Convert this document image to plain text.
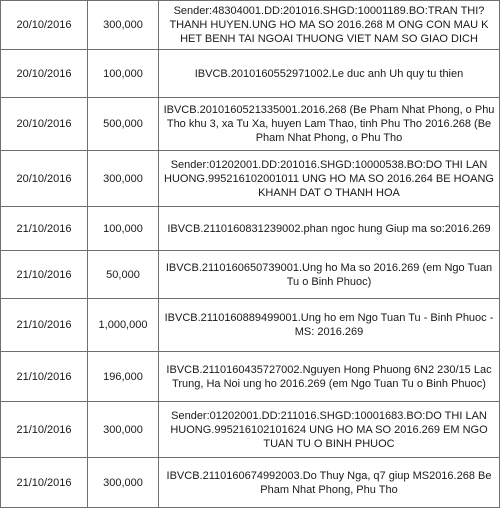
20/10/2016	300,000	Sender:48304001.DD:201016.SHGD:10001189.BO:TRAN THI? THANH HUYEN.UNG HO MA SO 2016.268 M ONG CON MAU K HET BENH TAI NGOAI THUONG VIET NAM SO GIAO DICH
20/10/2016	100,000	IBVCB.2010160552971002.Le duc anh Uh quy tu thien
20/10/2016	500,000	IBVCB.2010160521335001.2016.268 (Be Pham Nhat Phong, o Phu Tho khu 3, xa Tu Xa, huyen Lam Thao, tinh Phu Tho 2016.268 (Be Pham Nhat Phong, o Phu Tho
20/10/2016	300,000	Sender:01202001.DD:201016.SHGD:10000538.BO:DO THI LAN HUONG.995216102001011 UNG HO MA SO 2016.264 BE HOANG KHANH DAT O THANH HOA
21/10/2016	100,000	IBVCB.2110160831239002.phan ngoc hung Giup ma so:2016.269
21/10/2016	50,000	IBVCB.2110160650739001.Ung ho Ma so 2016.269 (em Ngo Tuan Tu o Binh Phuoc)
21/10/2016	1,000,000	IBVCB.2110160889499001.Ung ho em Ngo Tuan Tu - Binh Phuoc - MS: 2016.269
21/10/2016	196,000	IBVCB.2110160435727002.Nguyen Hong Phuong 6N2 230/15 Lac Trung, Ha Noi ung ho 2016.269 (em Ngo Tuan Tu o Binh Phuoc)
21/10/2016	300,000	Sender:01202001.DD:211016.SHGD:10001683.BO:DO THI LAN HUONG.995216102101624 UNG HO MA SO 2016.269 EM NGO TUAN TU O BINH PHUOC
21/10/2016	300,000	IBVCB.2110160674992003.Do Thuy Nga, q7 giup MS2016.268 Be Pham Nhat Phong, Phu Tho
